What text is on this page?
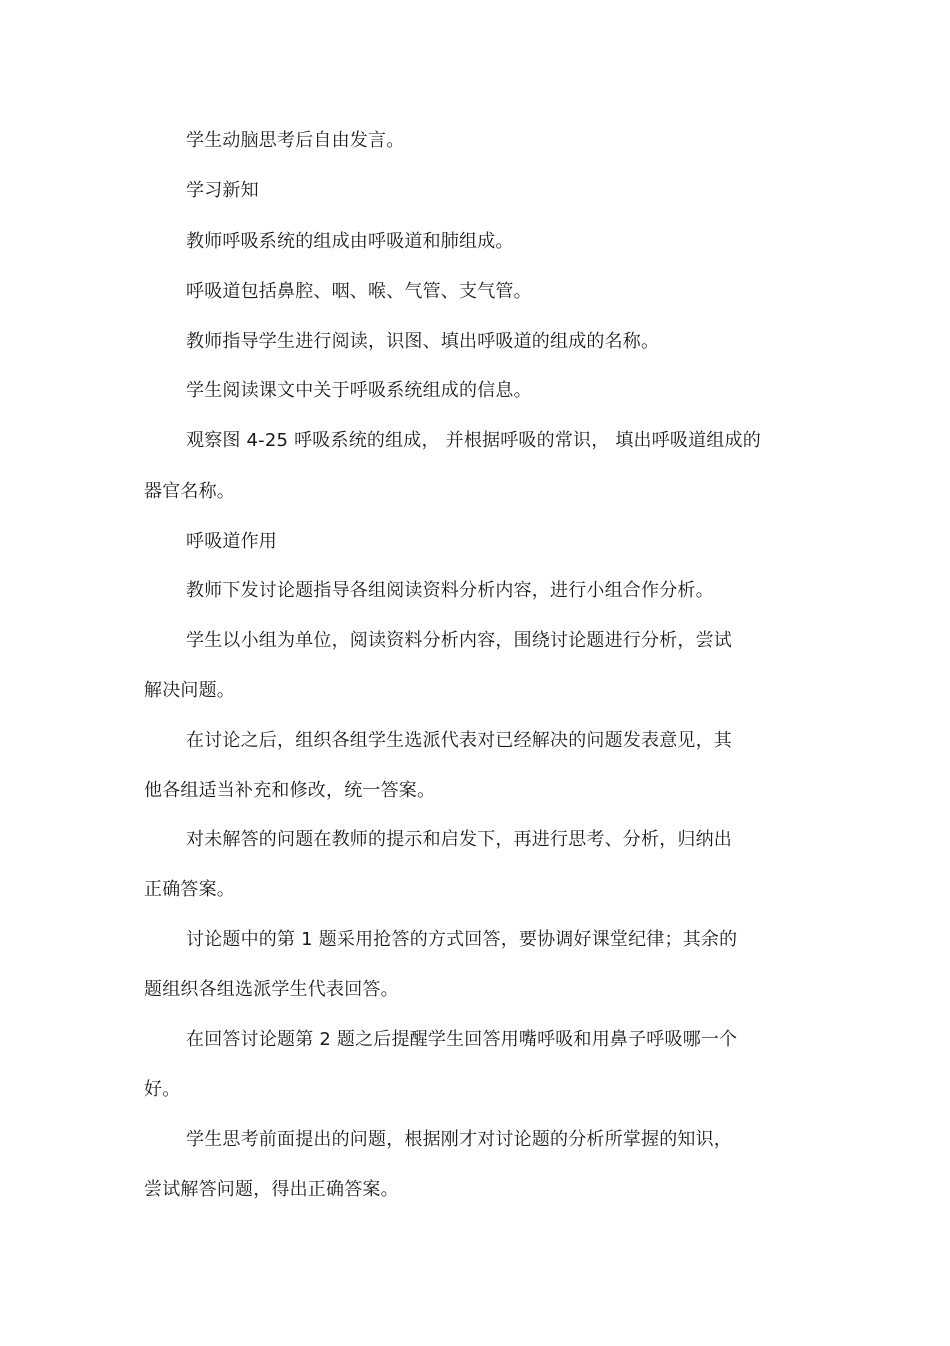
学生动脑思考后自由发言。
学习新知
教师呼吸系统的组成由呼吸道和肺组成。
呼吸道包括鼻腔、咽、喉、气管、支气管。
教师指导学生进行阅读，识图、填出呼吸道的组成的名称。
学生阅读课文中关于呼吸系统组成的信息。
观察图 4-25 呼吸系统的组成， 并根据呼吸的常识， 填出呼吸道组成的
器官名称。
呼吸道作用
教师下发讨论题指导各组阅读资料分析内容，进行小组合作分析。
学生以小组为单位，阅读资料分析内容，围绕讨论题进行分析，尝试
解决问题。
在讨论之后，组织各组学生选派代表对已经解决的问题发表意见，其
他各组适当补充和修改，统一答案。
对未解答的问题在教师的提示和启发下，再进行思考、分析，归纳出
正确答案。
讨论题中的第 1 题采用抢答的方式回答，要协调好课堂纪律；其余的
题组织各组选派学生代表回答。
在回答讨论题第 2 题之后提醒学生回答用嘴呼吸和用鼻子呼吸哪一个
好。
学生思考前面提出的问题，根据刚才对讨论题的分析所掌握的知识，
尝试解答问题，得出正确答案。
